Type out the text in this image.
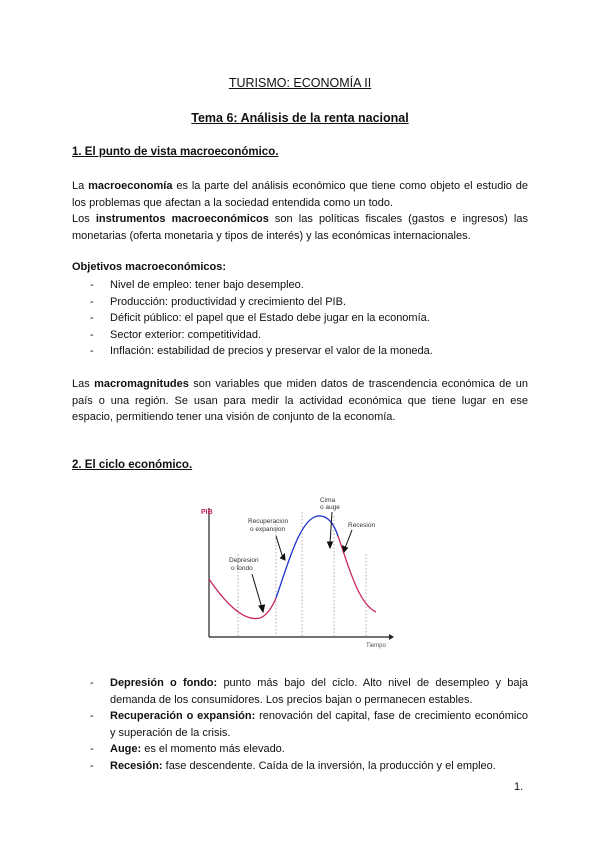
TURISMO: ECONOMÍA II
Tema 6: Análisis de la renta nacional
1. El punto de vista macroeconómico.

La macroeconomía es la parte del análisis económico que tiene como objeto el estudio de los problemas que afectan a la sociedad entendida como un todo.

Los instrumentos macroeconómicos son las políticas fiscales (gastos e ingresos) las monetarias (oferta monetaria y tipos de interés) y las económicas internacionales.

Objetivos macroeconómicos:
- Nivel de empleo: tener bajo desempleo.
- Producción: productividad y crecimiento del PIB.
- Déficit público: el papel que el Estado debe jugar en la economía.
- Sector exterior: competitividad.
- Inflación: estabilidad de precios y preservar el valor de la moneda.

Las macromagnitudes son variables que miden datos de trascendencia económica de un país o una región. Se usan para medir la actividad económica que tiene lugar en ese espacio, permitiendo tener una visión de conjunto de la economía.

2. El ciclo económico.
PIB
Tiempo
Recuperacion
o expansion
Cima
o auge
Recesion
Depresion
o fondo
- Depresión o fondo: punto más bajo del ciclo. Alto nivel de desempleo y baja demanda de los consumidores. Los precios bajan o permanecen estables.
- Recuperación o expansión: renovación del capital, fase de crecimiento económico y superación de la crisis.
- Auge: es el momento más elevado.
- Recesión: fase descendente. Caída de la inversión, la producción y el empleo.
1.
